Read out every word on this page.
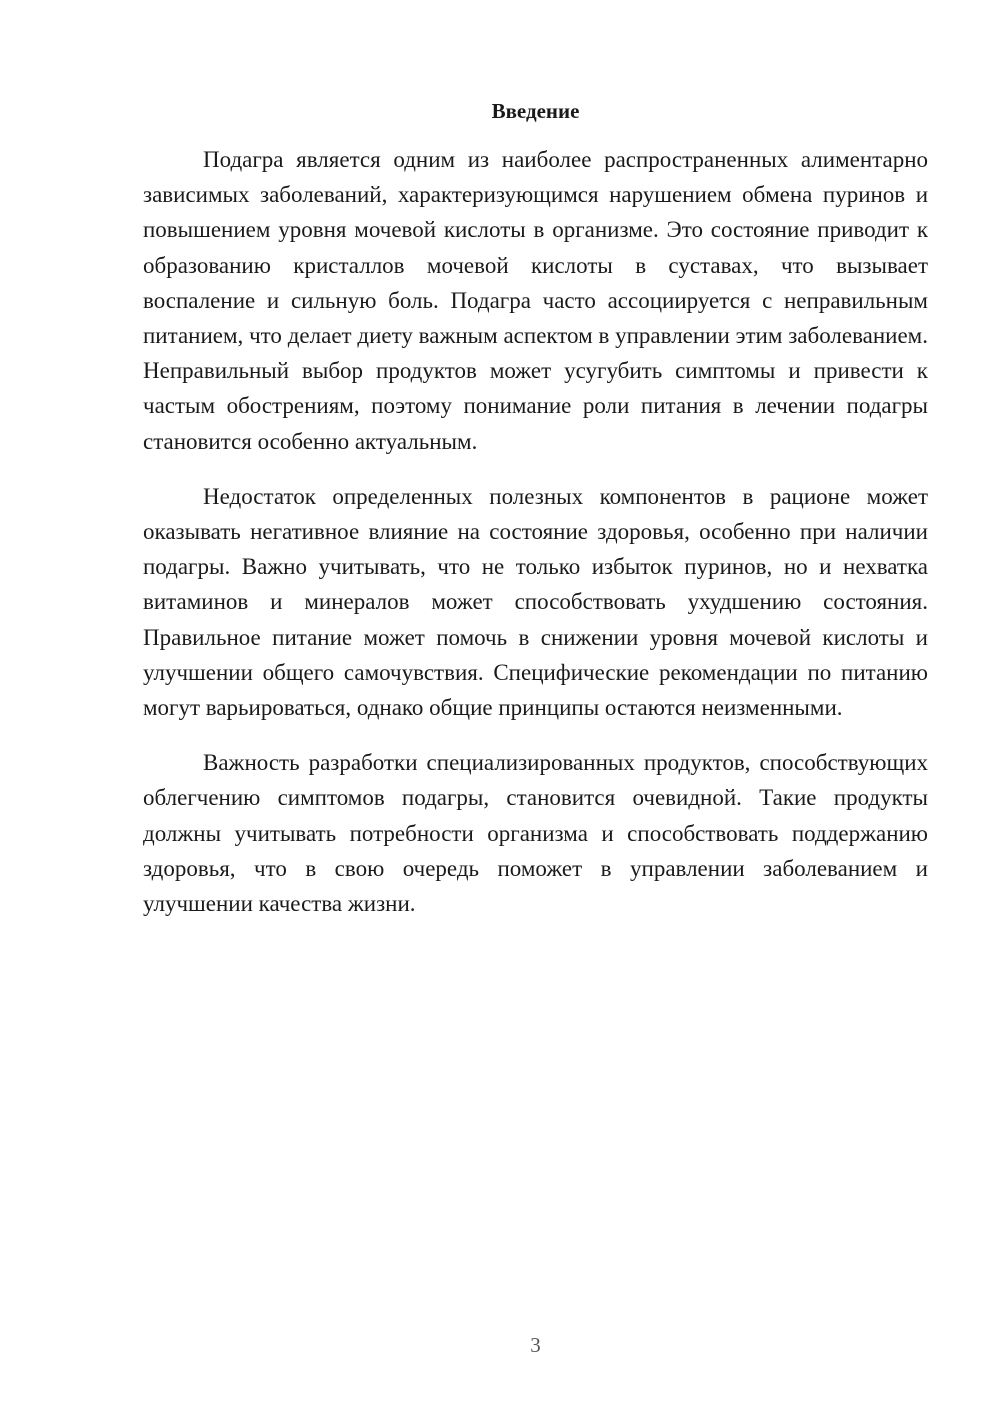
Введение

Подагра является одним из наиболее распространенных алиментарно зависимых заболеваний, характеризующимся нарушением обмена пуринов и повышением уровня мочевой кислоты в организме. Это состояние приводит к образованию кристаллов мочевой кислоты в суставах, что вызывает воспаление и сильную боль. Подагра часто ассоциируется с неправильным питанием, что делает диету важным аспектом в управлении этим заболеванием. Неправильный выбор продуктов может усугубить симптомы и привести к частым обострениям, поэтому понимание роли питания в лечении подагры становится особенно актуальным.

Недостаток определенных полезных компонентов в рационе может оказывать негативное влияние на состояние здоровья, особенно при наличии подагры. Важно учитывать, что не только избыток пуринов, но и нехватка витаминов и минералов может способствовать ухудшению состояния. Правильное питание может помочь в снижении уровня мочевой кислоты и улучшении общего самочувствия. Специфические рекомендации по питанию могут варьироваться, однако общие принципы остаются неизменными.

Важность разработки специализированных продуктов, способствующих облегчению симптомов подагры, становится очевидной. Такие продукты должны учитывать потребности организма и способствовать поддержанию здоровья, что в свою очередь поможет в управлении заболеванием и улучшении качества жизни.

3
